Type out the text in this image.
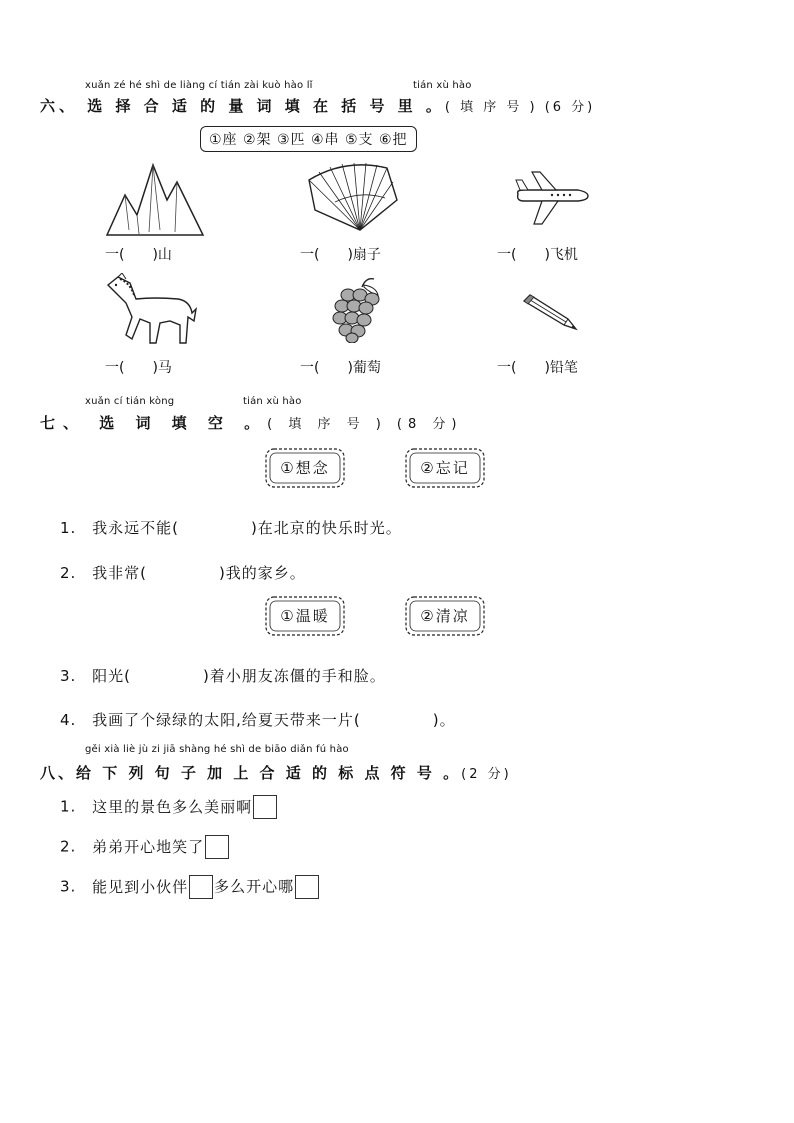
xuǎn zé hé shì de liàng cí tián zài kuò hào lǐ	tián xù hào
六、 选 择 合 适 的 量 词 填 在 括 号 里 。( 填 序 号 ) (6 分)
①座 ②架 ③匹 ④串 ⑤支 ⑥把
一(　　)山	一(　　)扇子	一(　　)飞机
一(　　)马	一(　　)葡萄	一(　　)铅笔
xuǎn cí tián kòng	tián xù hào
七、 选 词 填 空 。( 填 序 号 ) (8 分)
①想念	②忘记
1. 我永远不能(	)在北京的快乐时光。
2. 我非常(	)我的家乡。
①温暖	②清凉
3. 阳光(	)着小朋友冻僵的手和脸。
4. 我画了个绿绿的太阳,给夏天带来一片(	)。
gěi xià liè jù zi jiā shàng hé shì de biāo diǎn fú hào
八、给 下 列 句 子 加 上 合 适 的 标 点 符 号 。(2 分)
1. 这里的景色多么美丽啊
2. 弟弟开心地笑了
3. 能见到小伙伴 多么开心哪
